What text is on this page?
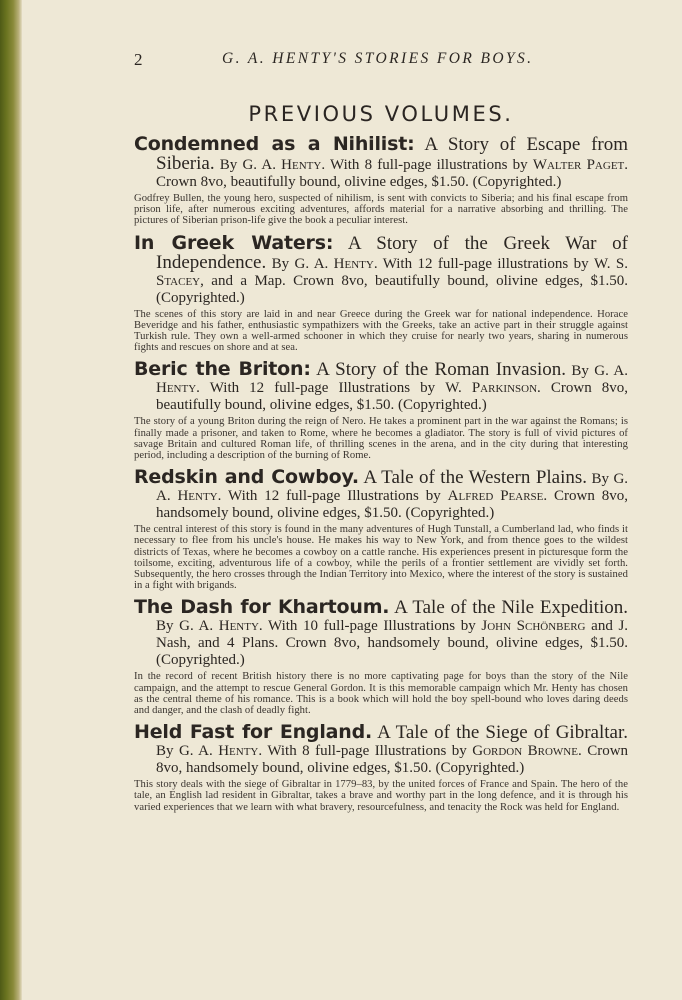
2	G. A. HENTY'S STORIES FOR BOYS.
PREVIOUS VOLUMES.
Condemned as a Nihilist: A Story of Escape from Siberia. By G. A. Henty. With 8 full-page illustrations by Walter Paget. Crown 8vo, beautifully bound, olivine edges, $1.50. (Copyrighted.)
Godfrey Bullen, the young hero, suspected of nihilism, is sent with convicts to Siberia; and his final escape from prison life, after numerous exciting adventures, affords material for a narrative absorbing and thrilling. The pictures of Siberian prison-life give the book a peculiar interest.
In Greek Waters: A Story of the Greek War of Independence. By G. A. Henty. With 12 full-page illustrations by W. S. Stacey, and a Map. Crown 8vo, beautifully bound, olivine edges, $1.50. (Copyrighted.)
The scenes of this story are laid in and near Greece during the Greek war for national independence. Horace Beveridge and his father, enthusiastic sympathizers with the Greeks, take an active part in their struggle against Turkish rule. They own a well-armed schooner in which they cruise for nearly two years, sharing in numerous fights and rescues on shore and at sea.
Beric the Briton: A Story of the Roman Invasion. By G. A. Henty. With 12 full-page Illustrations by W. Parkinson. Crown 8vo, beautifully bound, olivine edges, $1.50. (Copyrighted.)
The story of a young Briton during the reign of Nero. He takes a prominent part in the war against the Romans; is finally made a prisoner, and taken to Rome, where he becomes a gladiator. The story is full of vivid pictures of savage Britain and cultured Roman life, of thrilling scenes in the arena, and in the city during that interesting period, including a description of the burning of Rome.
Redskin and Cowboy. A Tale of the Western Plains. By G. A. Henty. With 12 full-page Illustrations by Alfred Pearse. Crown 8vo, handsomely bound, olivine edges, $1.50. (Copyrighted.)
The central interest of this story is found in the many adventures of Hugh Tunstall, a Cumberland lad, who finds it necessary to flee from his uncle's house. He makes his way to New York, and from thence goes to the wildest districts of Texas, where he becomes a cowboy on a cattle ranche. His experiences present in picturesque form the toilsome, exciting, adventurous life of a cowboy, while the perils of a frontier settlement are vividly set forth. Subsequently, the hero crosses through the Indian Territory into Mexico, where the interest of the story is sustained in a fight with brigands.
The Dash for Khartoum. A Tale of the Nile Expedition. By G. A. Henty. With 10 full-page Illustrations by John Schönberg and J. Nash, and 4 Plans. Crown 8vo, handsomely bound, olivine edges, $1.50. (Copyrighted.)
In the record of recent British history there is no more captivating page for boys than the story of the Nile campaign, and the attempt to rescue General Gordon. It is this memorable campaign which Mr. Henty has chosen as the central theme of his romance. This is a book which will hold the boy spell-bound who loves daring deeds and danger, and the clash of deadly fight.
Held Fast for England. A Tale of the Siege of Gibraltar. By G. A. Henty. With 8 full-page Illustrations by Gordon Browne. Crown 8vo, handsomely bound, olivine edges, $1.50. (Copyrighted.)
This story deals with the siege of Gibraltar in 1779–83, by the united forces of France and Spain. The hero of the tale, an English lad resident in Gibraltar, takes a brave and worthy part in the long defence, and it is through his varied experiences that we learn with what bravery, resourcefulness, and tenacity the Rock was held for England.
